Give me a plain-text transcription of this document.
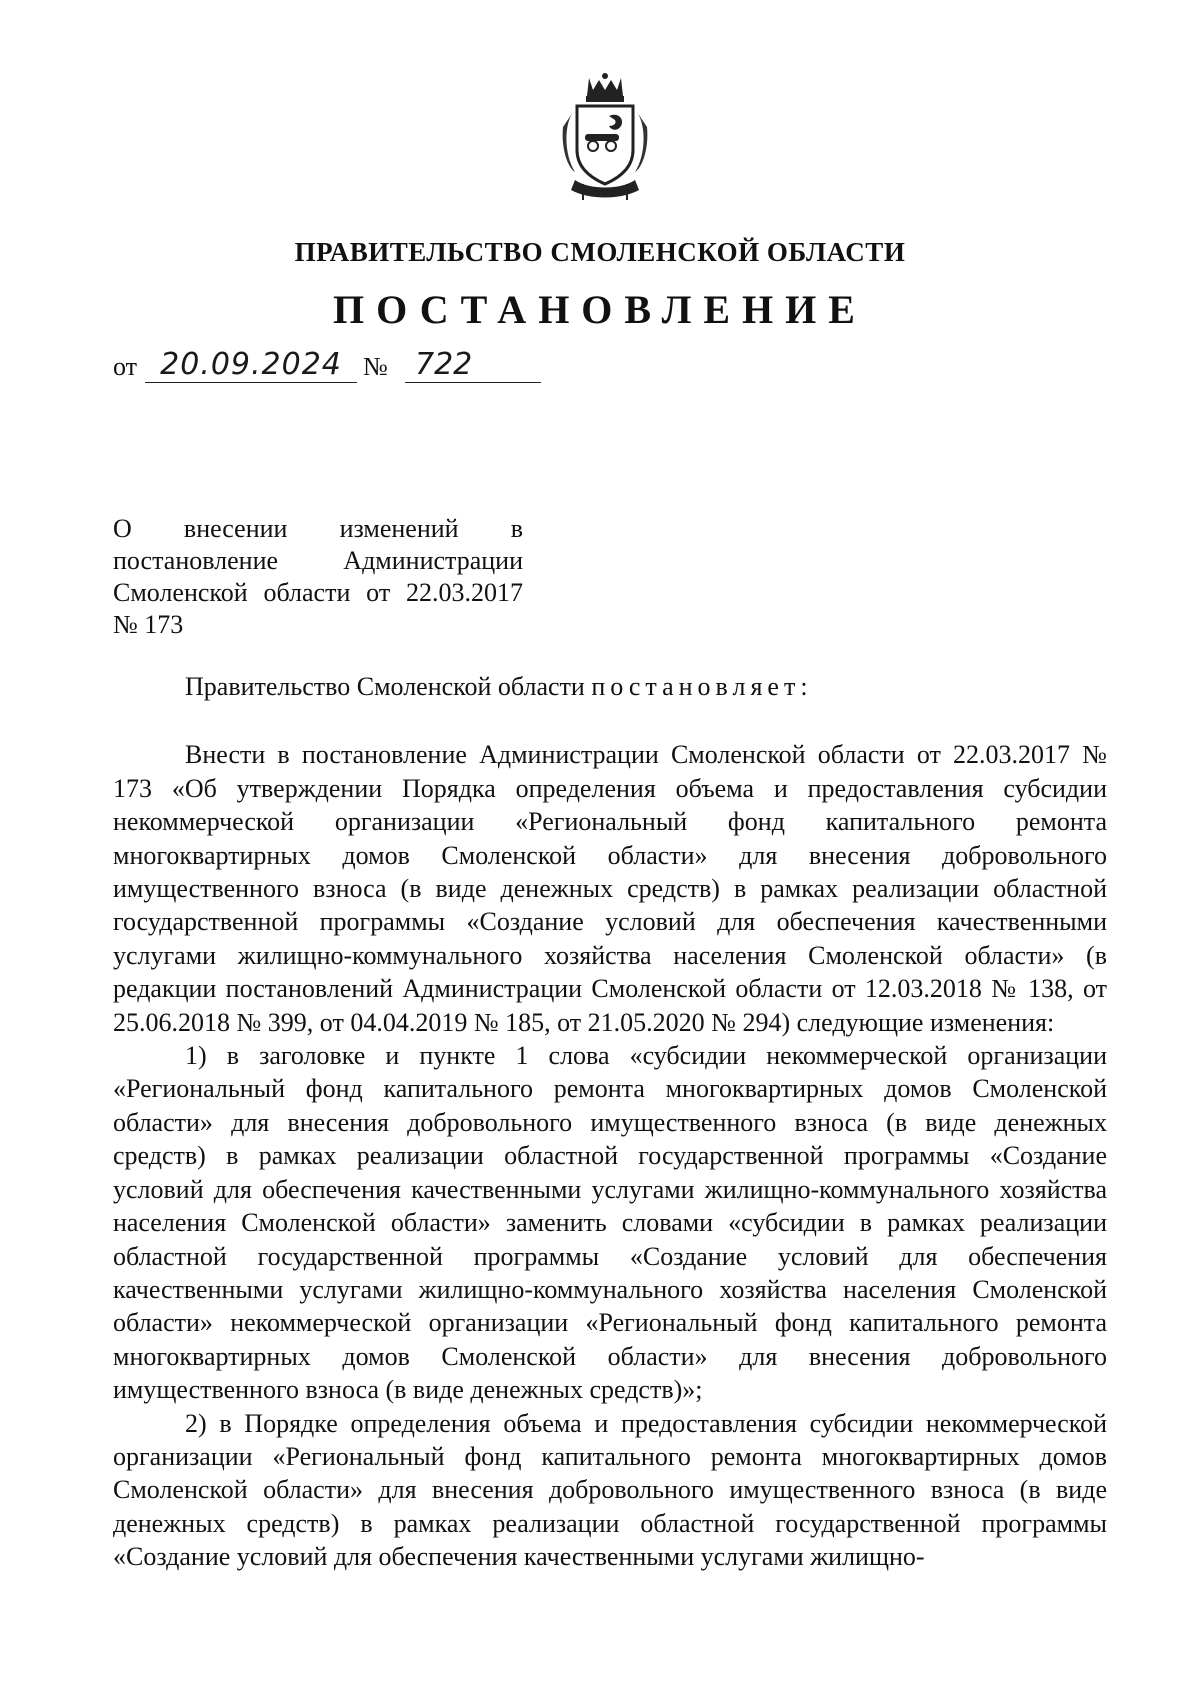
ПРАВИТЕЛЬСТВО СМОЛЕНСКОЙ ОБЛАСТИ
ПОСТАНОВЛЕНИЕ
от 20.09.2024 № 722
О внесении изменений в
постановление Администрации
Смоленской области от 22.03.2017
№ 173

Правительство Смоленской области постановляет:

Внести в постановление Администрации Смоленской области от 22.03.2017 № 173 «Об утверждении Порядка определения объема и предоставления субсидии некоммерческой организации «Региональный фонд капитального ремонта многоквартирных домов Смоленской области» для внесения добровольного имущественного взноса (в виде денежных средств) в рамках реализации областной государственной программы «Создание условий для обеспечения качественными услугами жилищно-коммунального хозяйства населения Смоленской области» (в редакции постановлений Администрации Смоленской области от 12.03.2018 № 138, от 25.06.2018 № 399, от 04.04.2019 № 185, от 21.05.2020 № 294) следующие изменения:

1) в заголовке и пункте 1 слова «субсидии некоммерческой организации «Региональный фонд капитального ремонта многоквартирных домов Смоленской области» для внесения добровольного имущественного взноса (в виде денежных средств) в рамках реализации областной государственной программы «Создание условий для обеспечения качественными услугами жилищно-коммунального хозяйства населения Смоленской области» заменить словами «субсидии в рамках реализации областной государственной программы «Создание условий для обеспечения качественными услугами жилищно-коммунального хозяйства населения Смоленской области» некоммерческой организации «Региональный фонд капитального ремонта многоквартирных домов Смоленской области» для внесения добровольного имущественного взноса (в виде денежных средств)»;

2) в Порядке определения объема и предоставления субсидии некоммерческой организации «Региональный фонд капитального ремонта многоквартирных домов Смоленской области» для внесения добровольного имущественного взноса (в виде денежных средств) в рамках реализации областной государственной программы «Создание условий для обеспечения качественными услугами жилищно-
